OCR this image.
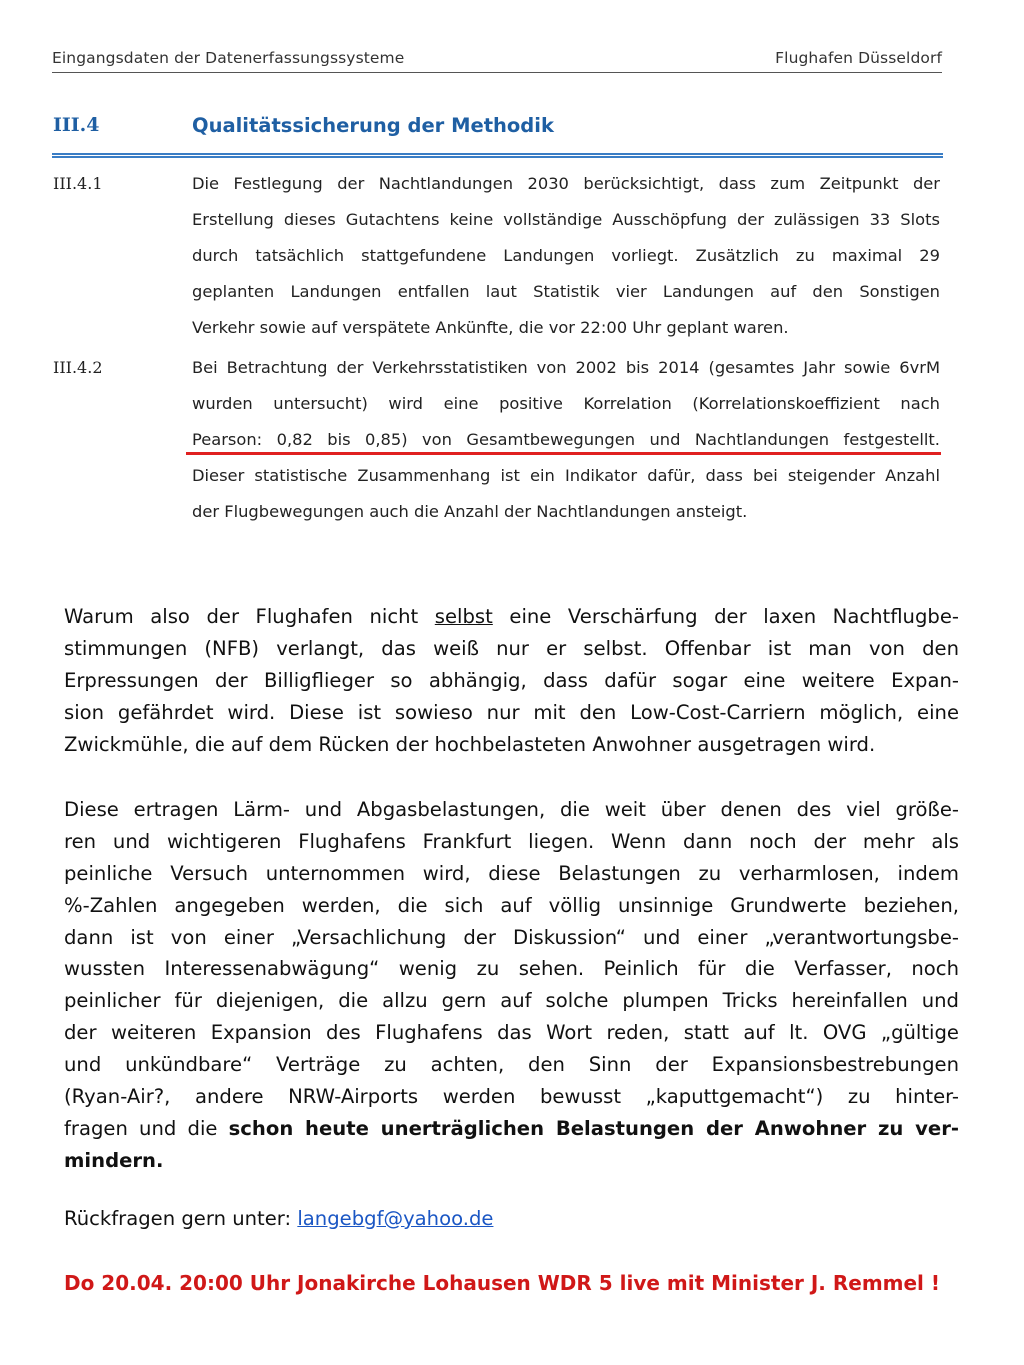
Eingangsdaten der Datenerfassungssysteme	Flughafen Düsseldorf
III.4	Qualitätssicherung der Methodik
III.4.1	Die Festlegung der Nachtlandungen 2030 berücksichtigt, dass zum Zeitpunkt der
Erstellung dieses Gutachtens keine vollständige Ausschöpfung der zulässigen 33 Slots
durch tatsächlich stattgefundene Landungen vorliegt. Zusätzlich zu maximal 29
geplanten Landungen entfallen laut Statistik vier Landungen auf den Sonstigen
Verkehr sowie auf verspätete Ankünfte, die vor 22:00 Uhr geplant waren.
III.4.2	Bei Betrachtung der Verkehrsstatistiken von 2002 bis 2014 (gesamtes Jahr sowie 6vrM
wurden untersucht) wird eine positive Korrelation (Korrelationskoeffizient nach
Pearson: 0,82 bis 0,85) von Gesamtbewegungen und Nachtlandungen festgestellt.
Dieser statistische Zusammenhang ist ein Indikator dafür, dass bei steigender Anzahl
der Flugbewegungen auch die Anzahl der Nachtlandungen ansteigt.
Warum also der Flughafen nicht selbst eine Verschärfung der laxen Nachtflugbe-
stimmungen (NFB) verlangt, das weiß nur er selbst. Offenbar ist man von den
Erpressungen der Billigflieger so abhängig, dass dafür sogar eine weitere Expan-
sion gefährdet wird. Diese ist sowieso nur mit den Low-Cost-Carriern möglich, eine
Zwickmühle, die auf dem Rücken der hochbelasteten Anwohner ausgetragen wird.
Diese ertragen Lärm- und Abgasbelastungen, die weit über denen des viel größe-
ren und wichtigeren Flughafens Frankfurt liegen. Wenn dann noch der mehr als
peinliche Versuch unternommen wird, diese Belastungen zu verharmlosen, indem
%-Zahlen angegeben werden, die sich auf völlig unsinnige Grundwerte beziehen,
dann ist von einer „Versachlichung der Diskussion“ und einer „verantwortungsbe-
wussten Interessenabwägung“ wenig zu sehen. Peinlich für die Verfasser, noch
peinlicher für diejenigen, die allzu gern auf solche plumpen Tricks hereinfallen und
der weiteren Expansion des Flughafens das Wort reden, statt auf lt. OVG „gültige
und unkündbare“ Verträge zu achten, den Sinn der Expansionsbestrebungen
(Ryan-Air?, andere NRW-Airports werden bewusst „kaputtgemacht“) zu hinter-
fragen und die schon heute unerträglichen Belastungen der Anwohner zu ver-
mindern.
Rückfragen gern unter: langebgf@yahoo.de
Do 20.04. 20:00 Uhr Jonakirche Lohausen WDR 5 live mit Minister J. Remmel !
